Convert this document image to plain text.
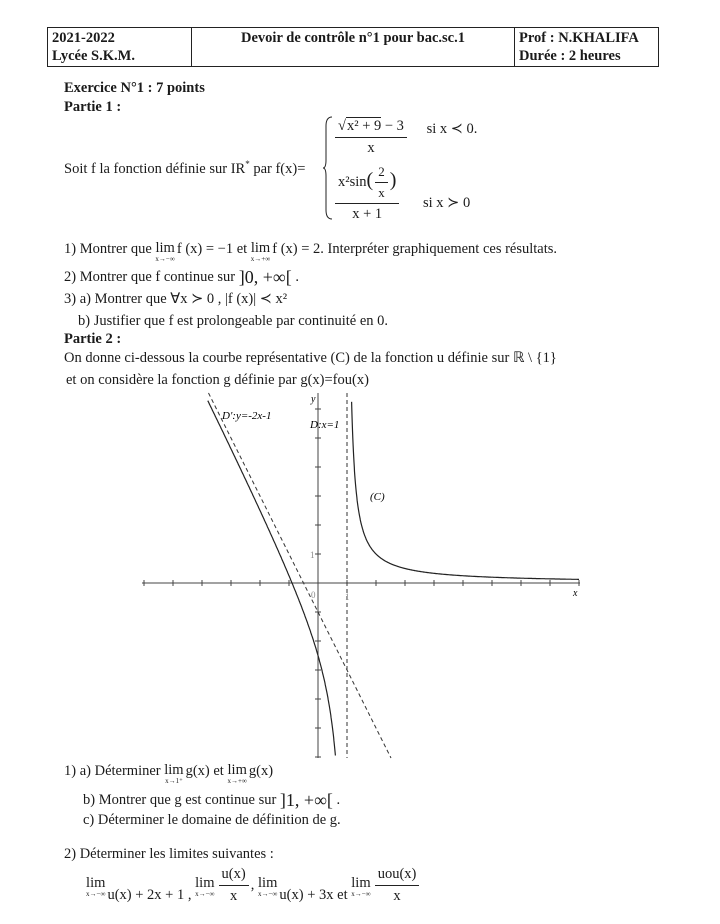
2021-2022
Lycée S.K.M.
	Devoir de contrôle n°1 pour bac.sc.1	Prof : N.KHALIFA
Durée : 2 heures
Exercice N°1 : 7 points
Partie 1 :
Soit f la fonction définie sur IR* par f(x)=
$\frac{\text{√x² + 9 − 3}}{x}$ si x ≺ 0.
$\frac{x^2\sin( \frac{2}{x} )}{x + 1}$ si x ≻ 0
1) Montrer que lim
x→−∞
f (x) = −1 et lim
x→+∞
f (x) = 2. Interpréter graphiquement ces résultats.
2) Montrer que f continue sur ]0, +∞[ .
3) a) Montrer que ∀x ≻ 0 , |f (x)| ≺ x²
b) Justifier que f est prolongeable par continuité en 0.
Partie 2 :
On donne ci-dessous la courbe représentative (C) de la fonction u définie sur ℝ \ {1}
et on considère la fonction g définie par g(x)=fou(x)
D':y=-2x-1
D:x=1
(C)
y
x
1
0	1
1) a) Déterminer lim
x→1⁺
g(x) et lim
x→+∞
g(x)
b) Montrer que g est continue sur ]1, +∞[ .
c) Déterminer le domaine de définition de g.
2) Déterminer les limites suivantes :
lim
x→−∞ u(x) + 2x + 1 ,
lim
$x\to-\infty \frac{u(x)}{x}$ , lim
x→−∞ u(x) + 3x et
lim
$x\to-\infty \frac{\text{uou(x)}}{x}$
